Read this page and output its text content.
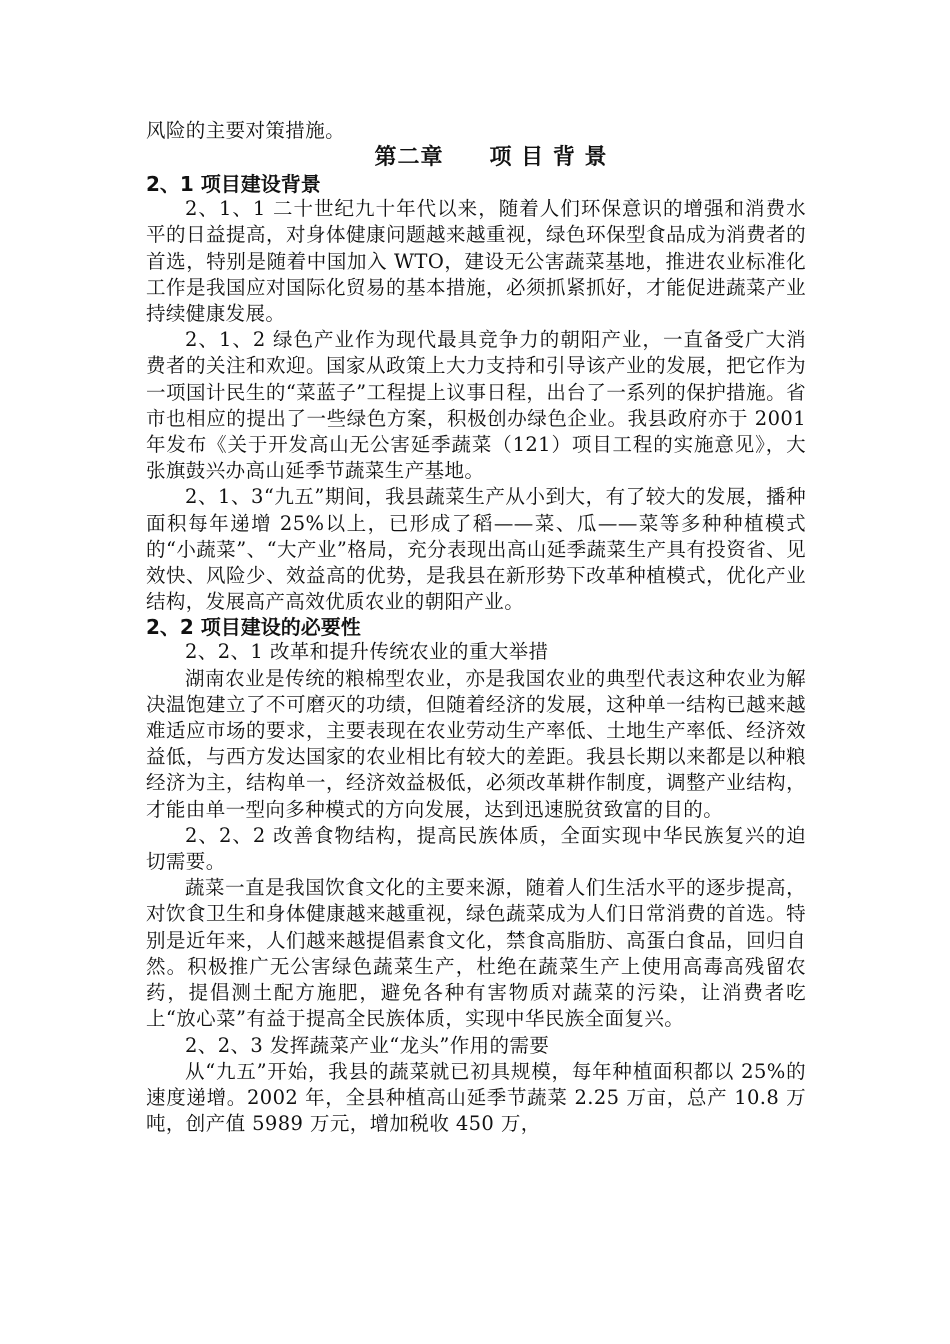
风险的主要对策措施。

第二章　　项 目 背 景

2、1 项目建设背景

2、1、1 二十世纪九十年代以来，随着人们环保意识的增强和消费水平的日益提高，对身体健康问题越来越重视，绿色环保型食品成为消费者的首选，特别是随着中国加入 WTO，建设无公害蔬菜基地，推进农业标准化工作是我国应对国际化贸易的基本措施，必须抓紧抓好，才能促进蔬菜产业持续健康发展。

2、1、2 绿色产业作为现代最具竞争力的朝阳产业，一直备受广大消费者的关注和欢迎。国家从政策上大力支持和引导该产业的发展，把它作为一项国计民生的“菜蓝子”工程提上议事日程，出台了一系列的保护措施。省市也相应的提出了一些绿色方案，积极创办绿色企业。我县政府亦于 2001 年发布《关于开发高山无公害延季蔬菜（121）项目工程的实施意见》，大张旗鼓兴办高山延季节蔬菜生产基地。

2、1、3“九五”期间，我县蔬菜生产从小到大，有了较大的发展，播种面积每年递增 25%以上，已形成了稻——菜、瓜——菜等多种种植模式的“小蔬菜”、“大产业”格局，充分表现出高山延季蔬菜生产具有投资省、见效快、风险少、效益高的优势，是我县在新形势下改革种植模式，优化产业结构，发展高产高效优质农业的朝阳产业。

2、2 项目建设的必要性

2、2、1 改革和提升传统农业的重大举措

湖南农业是传统的粮棉型农业，亦是我国农业的典型代表这种农业为解决温饱建立了不可磨灭的功绩，但随着经济的发展，这种单一结构已越来越难适应市场的要求，主要表现在农业劳动生产率低、土地生产率低、经济效益低，与西方发达国家的农业相比有较大的差距。我县长期以来都是以种粮经济为主，结构单一，经济效益极低，必须改革耕作制度，调整产业结构，才能由单一型向多种模式的方向发展，达到迅速脱贫致富的目的。

2、2、2 改善食物结构，提高民族体质，全面实现中华民族复兴的迫切需要。

蔬菜一直是我国饮食文化的主要来源，随着人们生活水平的逐步提高，对饮食卫生和身体健康越来越重视，绿色蔬菜成为人们日常消费的首选。特别是近年来，人们越来越提倡素食文化，禁食高脂肪、高蛋白食品，回归自然。积极推广无公害绿色蔬菜生产，杜绝在蔬菜生产上使用高毒高残留农药，提倡测土配方施肥，避免各种有害物质对蔬菜的污染，让消费者吃上“放心菜”有益于提高全民族体质，实现中华民族全面复兴。

2、2、3 发挥蔬菜产业“龙头”作用的需要

从“九五”开始，我县的蔬菜就已初具规模，每年种植面积都以 25%的速度递增。2002 年，全县种植高山延季节蔬菜 2.25 万亩，总产 10.8 万吨，创产值 5989 万元，增加税收 450 万，
